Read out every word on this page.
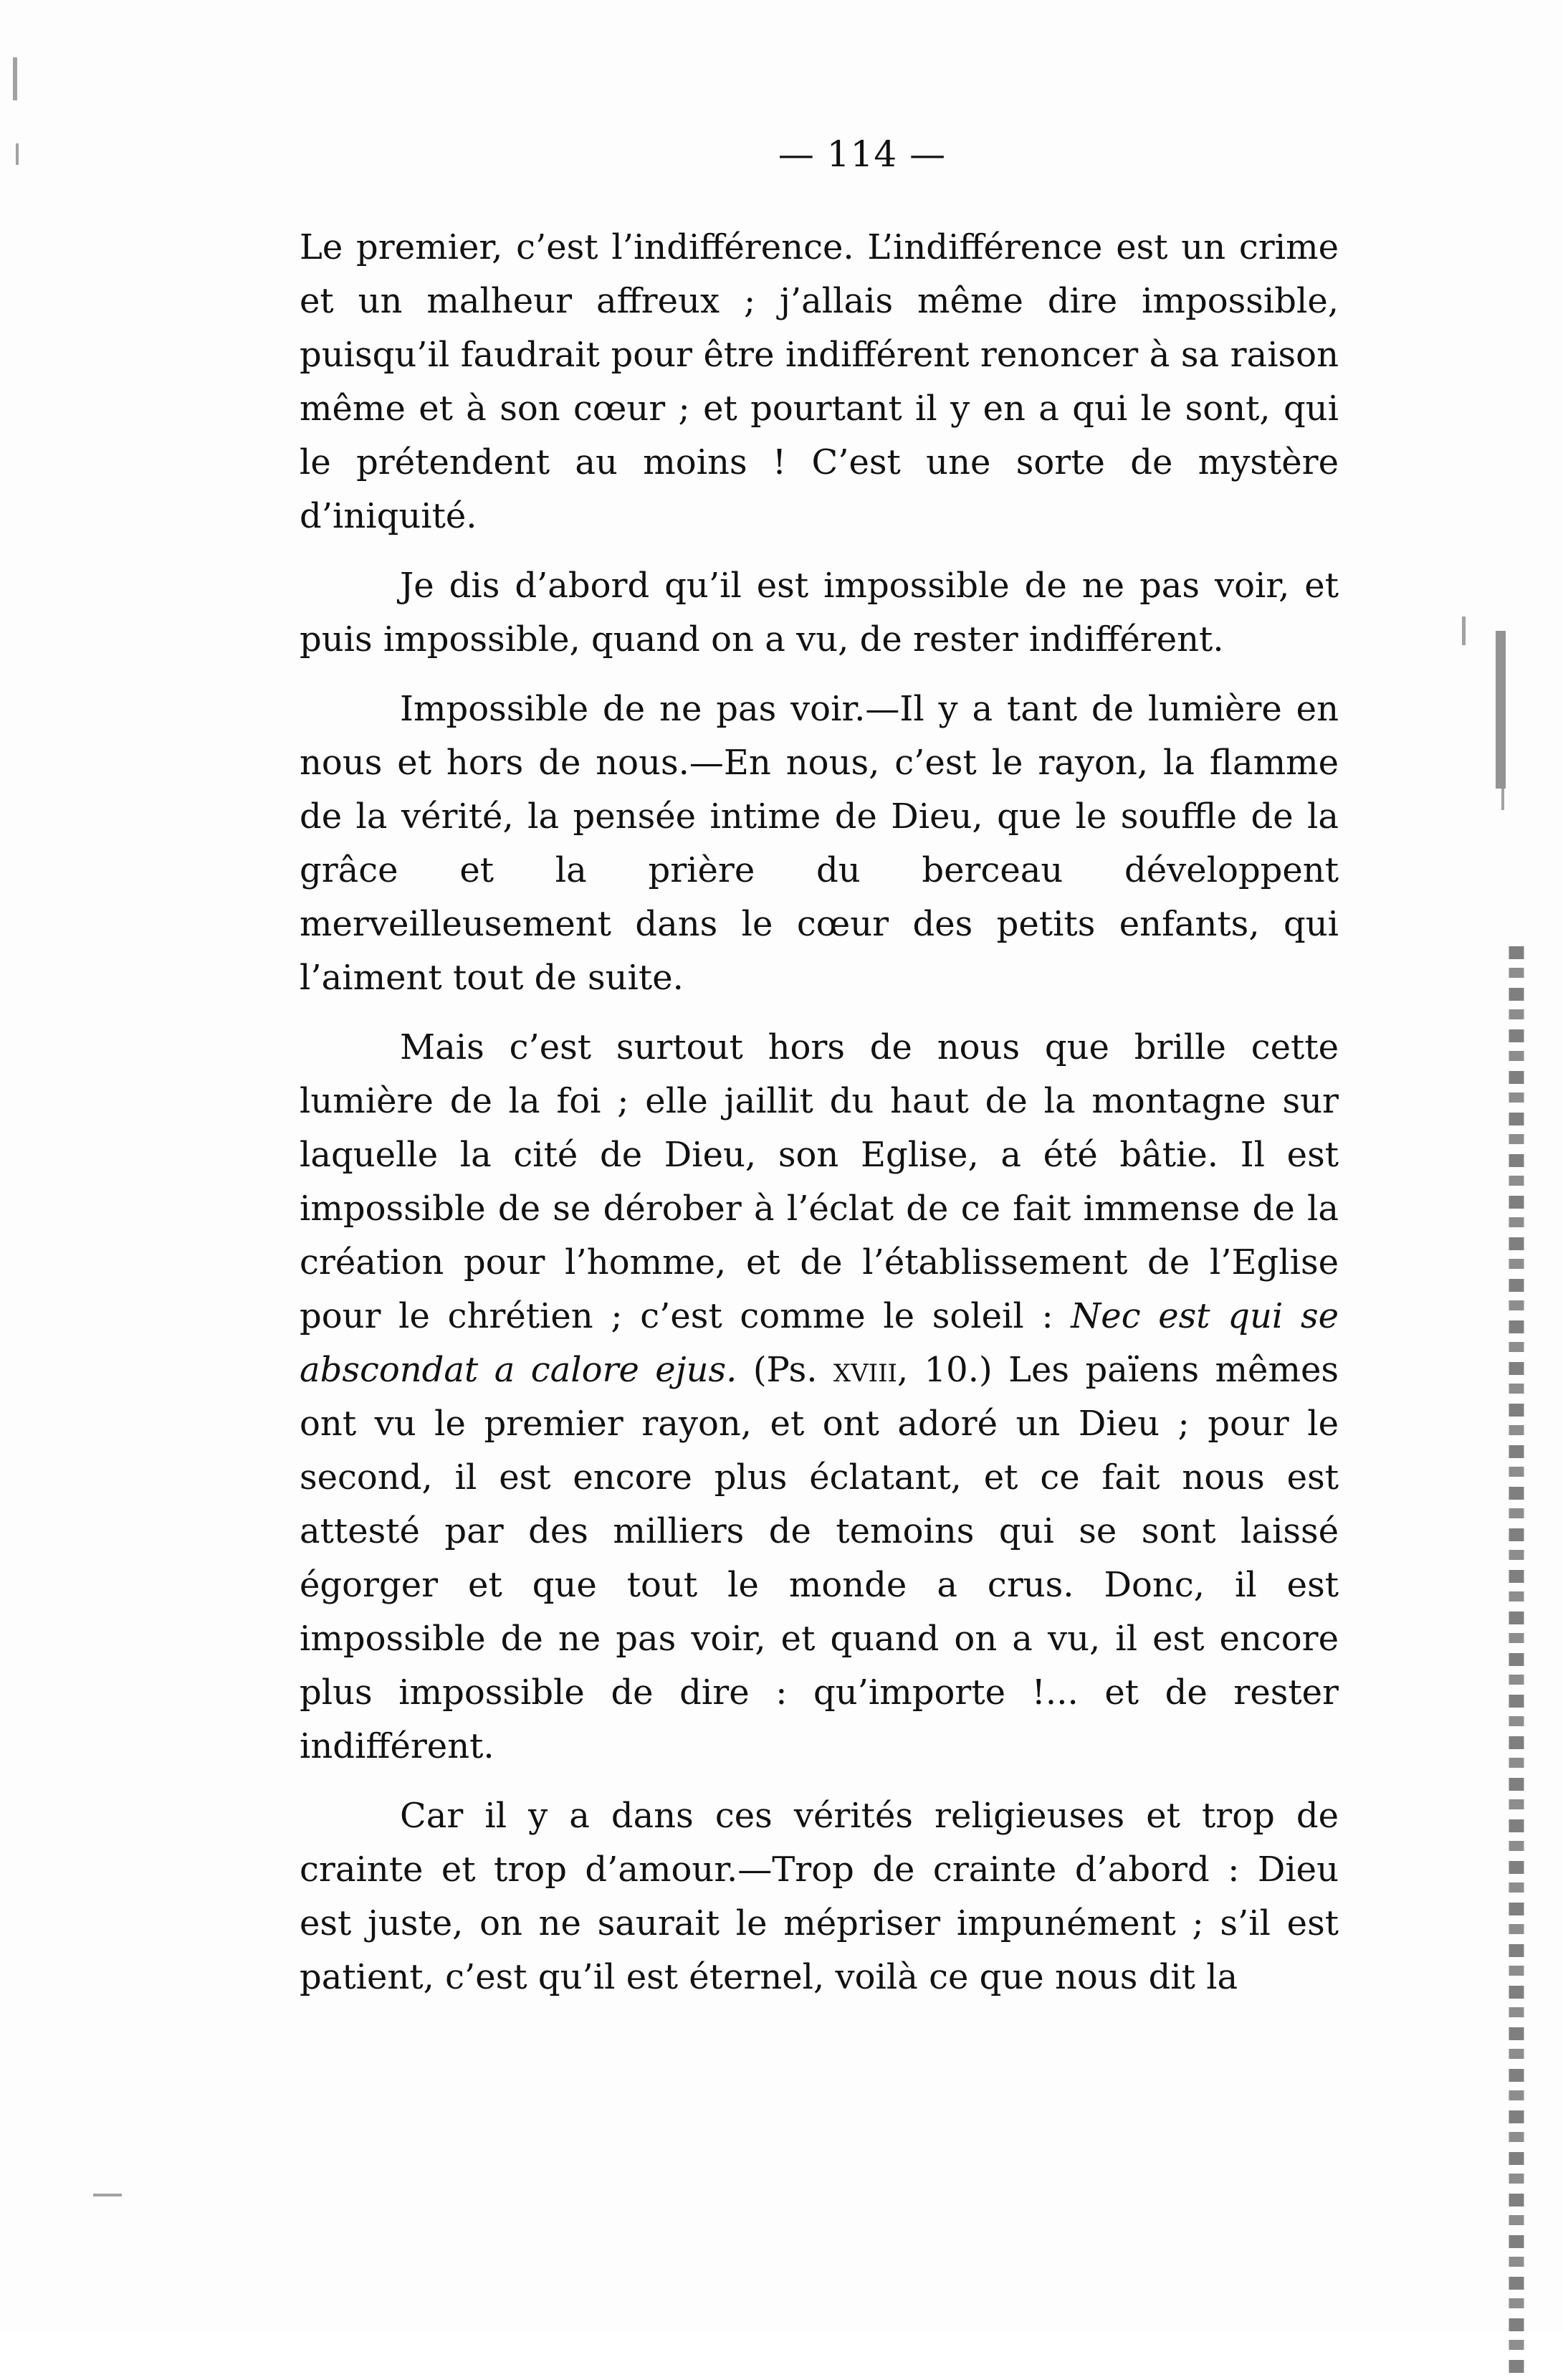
— 114 —

Le premier, c’est l’indifférence. L’indifférence est un crime et un malheur affreux ; j’allais même dire impossible, puisqu’il faudrait pour être indifférent renoncer à sa raison même et à son cœur ; et pourtant il y en a qui le sont, qui le prétendent au moins ! C’est une sorte de mystère d’iniquité.

Je dis d’abord qu’il est impossible de ne pas voir, et puis impossible, quand on a vu, de rester indifférent.

Impossible de ne pas voir.—Il y a tant de lumière en nous et hors de nous.—En nous, c’est le rayon, la flamme de la vérité, la pensée intime de Dieu, que le souffle de la grâce et la prière du berceau développent merveilleusement dans le cœur des petits enfants, qui l’aiment tout de suite.

Mais c’est surtout hors de nous que brille cette lumière de la foi ; elle jaillit du haut de la montagne sur laquelle la cité de Dieu, son Eglise, a été bâtie. Il est impossible de se dérober à l’éclat de ce fait immense de la création pour l’homme, et de l’établissement de l’Eglise pour le chrétien ; c’est comme le soleil : Nec est qui se abscondat a calore ejus. (Ps. xviii, 10.) Les païens mêmes ont vu le premier rayon, et ont adoré un Dieu ; pour le second, il est encore plus éclatant, et ce fait nous est attesté par des milliers de temoins qui se sont laissé égorger et que tout le monde a crus. Donc, il est impossible de ne pas voir, et quand on a vu, il est encore plus impossible de dire : qu’importe !... et de rester indifférent.

Car il y a dans ces vérités religieuses et trop de crainte et trop d’amour.—Trop de crainte d’abord : Dieu est juste, on ne saurait le mépriser impunément ; s’il est patient, c’est qu’il est éternel, voilà ce que nous dit la
